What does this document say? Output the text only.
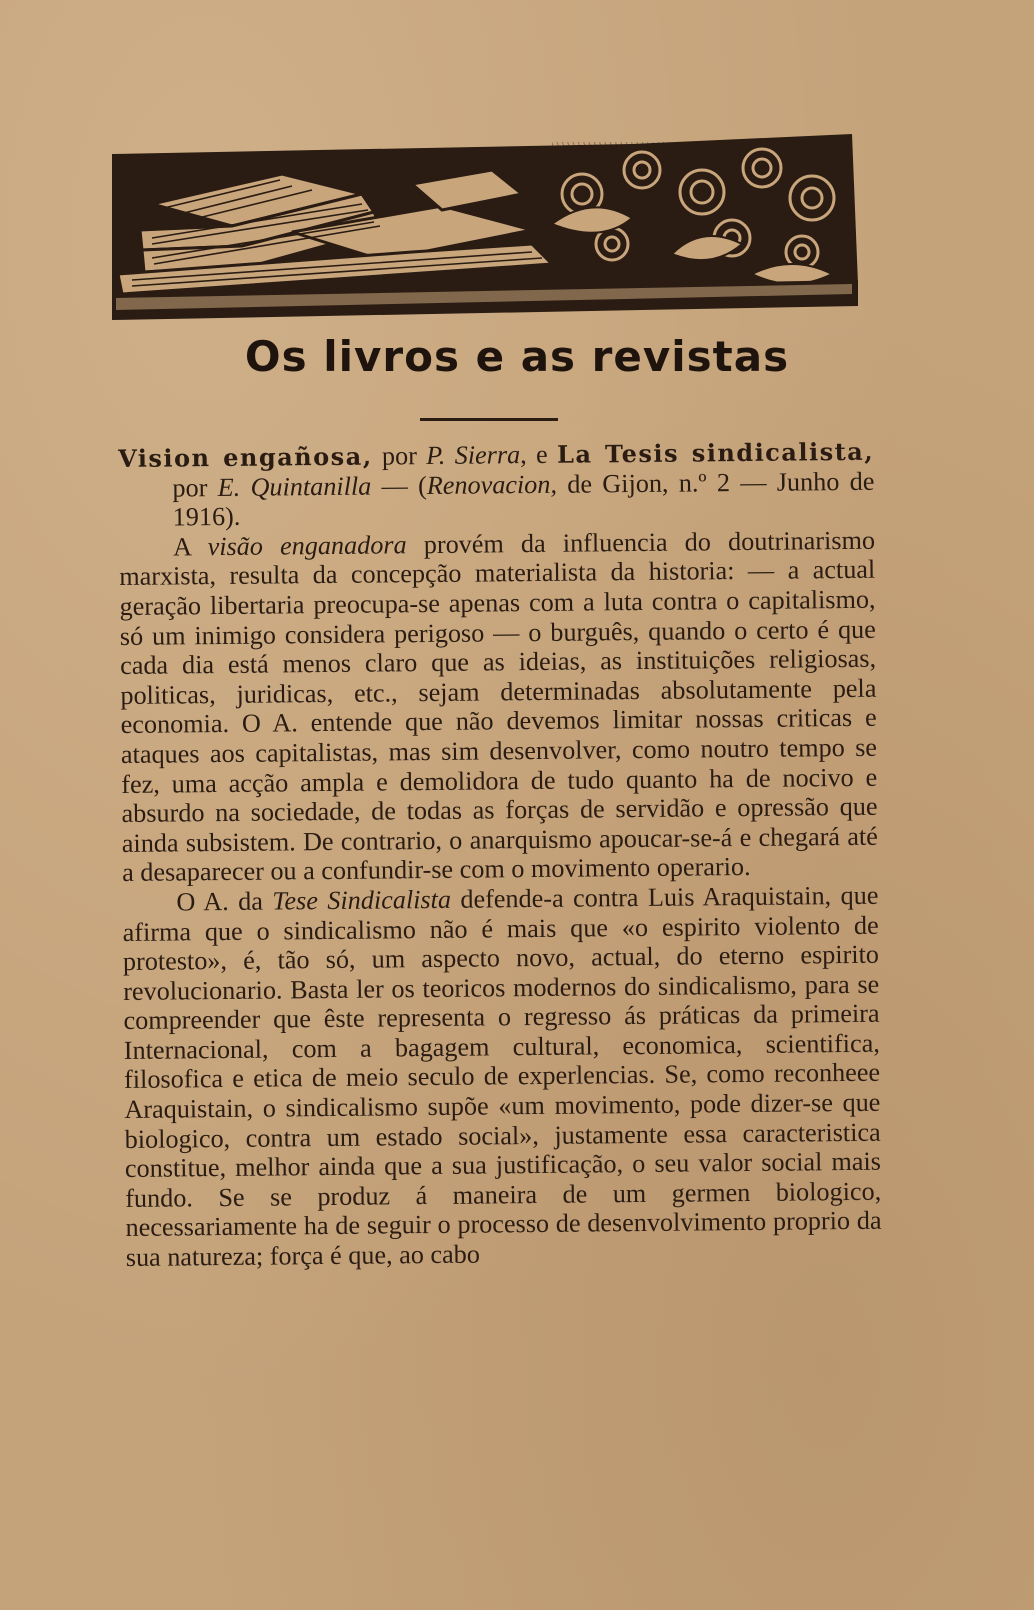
Os livros e as revistas

Vision engañosa, por P. Sierra, e La Tesis sindicalista, por E. Quintanilla — (Renovacion, de Gijon, n.º 2 — Junho de 1916).

A visão enganadora provém da influencia do doutrinarismo marxista, resulta da concepção materialista da historia: — a actual geração libertaria preocupa-se apenas com a luta contra o capitalismo, só um inimigo considera perigoso — o burguês, quando o certo é que cada dia está menos claro que as ideias, as instituições religiosas, politicas, juridicas, etc., sejam determinadas absolutamente pela economia. O A. entende que não devemos limitar nossas criticas e ataques aos capitalistas, mas sim desenvolver, como noutro tempo se fez, uma acção ampla e demolidora de tudo quanto ha de nocivo e absurdo na sociedade, de todas as forças de servidão e opressão que ainda subsistem. De contrario, o anarquismo apoucar-se-á e chegará até a desaparecer ou a confundir-se com o movimento operario.

O A. da Tese Sindicalista defende-a contra Luis Araquistain, que afirma que o sindicalismo não é mais que «o espirito violento de protesto», é, tão só, um aspecto novo, actual, do eterno espirito revolucionario. Basta ler os teoricos modernos do sindicalismo, para se compreender que êste representa o regresso ás práticas da primeira Internacional, com a bagagem cultural, economica, scientifica, filosofica e etica de meio seculo de experlencias. Se, como reconheee Araquistain, o sindicalismo supõe «um movimento, pode dizer-se que biologico, contra um estado social», justamente essa caracteristica constitue, melhor ainda que a sua justificação, o seu valor social mais fundo. Se se produz á maneira de um germen biologico, necessariamente ha de seguir o processo de desenvolvimento proprio da sua natureza; força é que, ao cabo
